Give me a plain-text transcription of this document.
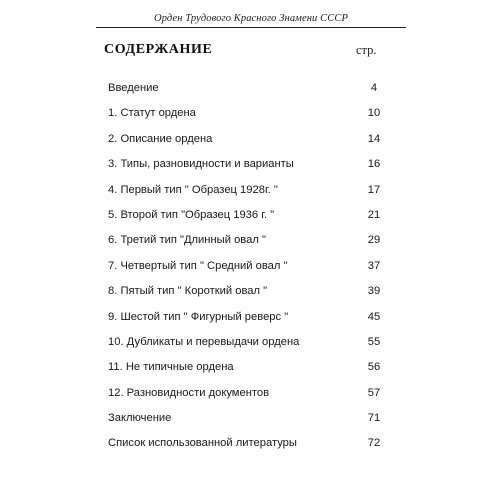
Орден Трудового Красного Знамени СССР
СОДЕРЖАНИЕ	стр.
Введение	4
1. Статут ордена	10
2. Описание ордена	14
3. Типы, разновидности и варианты	16
4. Первый тип " Образец 1928г. "	17
5. Второй тип "Образец 1936 г. "	21
6. Третий тип "Длинный овал "	29
7. Четвертый тип " Средний овал "	37
8. Пятый тип " Короткий овал "	39
9. Шестой тип " Фигурный реверс "	45
10. Дубликаты и перевыдачи ордена	55
11. Не типичные ордена	56
12. Разновидности документов	57
Заключение	71
Список использованной литературы	72
